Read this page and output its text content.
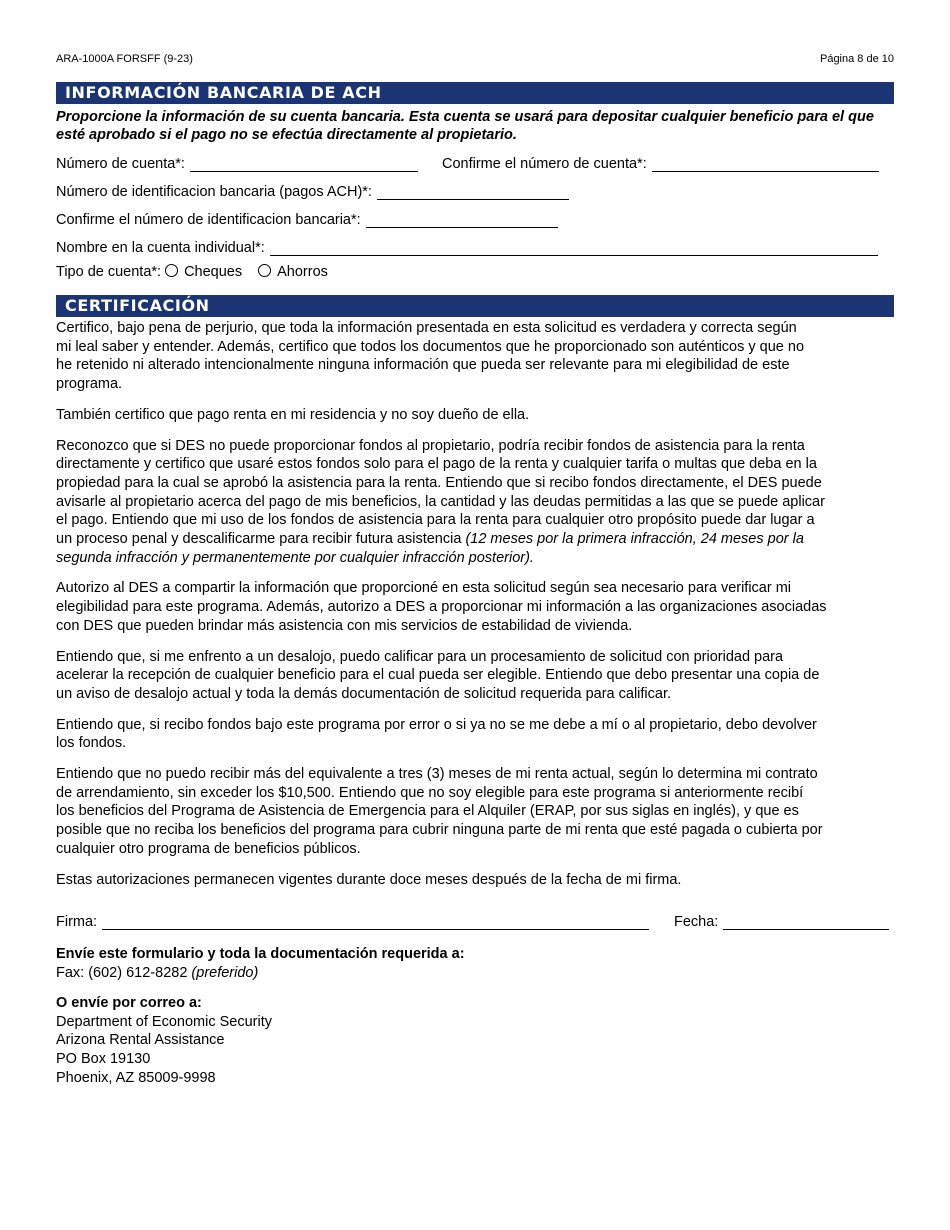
ARA-1000A FORSFF (9-23)	Página 8 de 10
INFORMACIÓN BANCARIA DE ACH
Proporcione la información de su cuenta bancaria. Esta cuenta se usará para depositar cualquier beneficio para el que esté aprobado si el pago no se efectúa directamente al propietario.
Número de cuenta*:	Confirme el número de cuenta*:
Número de identificacion bancaria (pagos ACH)*:
Confirme el número de identificacion bancaria*:
Nombre en la cuenta individual*:
Tipo de cuenta*: Cheques Ahorros
CERTIFICACIÓN

Certifico, bajo pena de perjurio, que toda la información presentada en esta solicitud es verdadera y correcta según
mi leal saber y entender. Además, certifico que todos los documentos que he proporcionado son auténticos y que no
he retenido ni alterado intencionalmente ninguna información que pueda ser relevante para mi elegibilidad de este
programa.

También certifico que pago renta en mi residencia y no soy dueño de ella.

Reconozco que si DES no puede proporcionar fondos al propietario, podría recibir fondos de asistencia para la renta
directamente y certifico que usaré estos fondos solo para el pago de la renta y cualquier tarifa o multas que deba en la
propiedad para la cual se aprobó la asistencia para la renta. Entiendo que si recibo fondos directamente, el DES puede
avisarle al propietario acerca del pago de mis beneficios, la cantidad y las deudas permitidas a las que se puede aplicar
el pago. Entiendo que mi uso de los fondos de asistencia para la renta para cualquier otro propósito puede dar lugar a
un proceso penal y descalificarme para recibir futura asistencia (12 meses por la primera infracción, 24 meses por la
segunda infracción y permanentemente por cualquier infracción posterior).

Autorizo al DES a compartir la información que proporcioné en esta solicitud según sea necesario para verificar mi
elegibilidad para este programa. Además, autorizo a DES a proporcionar mi información a las organizaciones asociadas
con DES que pueden brindar más asistencia con mis servicios de estabilidad de vivienda.

Entiendo que, si me enfrento a un desalojo, puedo calificar para un procesamiento de solicitud con prioridad para
acelerar la recepción de cualquier beneficio para el cual pueda ser elegible. Entiendo que debo presentar una copia de
un aviso de desalojo actual y toda la demás documentación de solicitud requerida para calificar.

Entiendo que, si recibo fondos bajo este programa por error o si ya no se me debe a mí o al propietario, debo devolver
los fondos.

Entiendo que no puedo recibir más del equivalente a tres (3) meses de mi renta actual, según lo determina mi contrato
de arrendamiento, sin exceder los $10,500. Entiendo que no soy elegible para este programa si anteriormente recibí
los beneficios del Programa de Asistencia de Emergencia para el Alquiler (ERAP, por sus siglas en inglés), y que es
posible que no reciba los beneficios del programa para cubrir ninguna parte de mi renta que esté pagada o cubierta por
cualquier otro programa de beneficios públicos.

Estas autorizaciones permanecen vigentes durante doce meses después de la fecha de mi firma.

Firma:	Fecha:
Envíe este formulario y toda la documentación requerida a:
Fax: (602) 612-8282 (preferido)
O envíe por correo a:
Department of Economic Security
Arizona Rental Assistance
PO Box 19130
Phoenix, AZ 85009-9998
